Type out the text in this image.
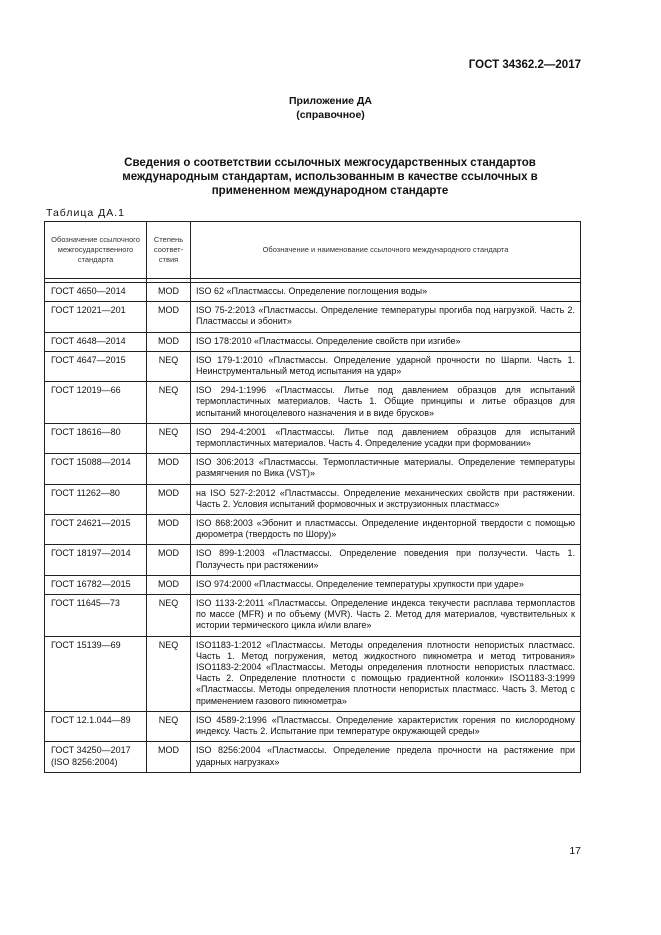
ГОСТ 34362.2—2017
Приложение ДА
(справочное)
Сведения о соответствии ссылочных межгосударственных стандартов международным стандартам, использованным в качестве ссылочных в примененном международном стандарте
Таблица ДА.1
Обозначение ссылочного межгосударственного стандарта	Степень соответ- ствия	Обозначение и наименование ссылочного международного стандарта

ГОСТ 4650—2014	MOD	ISO 62 «Пластмассы. Определение поглощения воды»
ГОСТ 12021—201	MOD	ISO 75-2:2013 «Пластмассы. Определение температуры прогиба под нагрузкой. Часть 2. Пластмассы и эбонит»
ГОСТ 4648—2014	MOD	ISO 178:2010 «Пластмассы. Определение свойств при изгибе»
ГОСТ 4647—2015	NEQ	ISO 179-1:2010 «Пластмассы. Определение ударной прочности по Шарпи. Часть 1. Неинструментальный метод испытания на удар»
ГОСТ 12019—66	NEQ	ISO 294-1:1996 «Пластмассы. Литье под давлением образцов для испытаний термопластичных материалов. Часть 1. Общие принципы и литье образцов для испытаний многоцелевого назначения и в виде брусков»
ГОСТ 18616—80	NEQ	ISO 294-4:2001 «Пластмассы. Литье под давлением образцов для испытаний термопластичных материалов. Часть 4. Определение усадки при формовании»
ГОСТ 15088—2014	MOD	ISO 306:2013 «Пластмассы. Термопластичные материалы. Определение температуры размягчения по Вика (VST)»
ГОСТ 11262—80	MOD	на ISO 527-2:2012 «Пластмассы. Определение механических свойств при растяжении. Часть 2. Условия испытаний формовочных и экструзионных пластмасс»
ГОСТ 24621—2015	MOD	ISO 868:2003 «Эбонит и пластмассы. Определение инденторной твердости с помощью дюрометра (твердость по Шору)»
ГОСТ 18197—2014	MOD	ISO 899-1:2003 «Пластмассы. Определение поведения при ползучести. Часть 1. Ползучесть при растяжении»
ГОСТ 16782—2015	MOD	ISO 974:2000 «Пластмассы. Определение температуры хрупкости при ударе»
ГОСТ 11645—73	NEQ	ISO 1133-2:2011 «Пластмассы. Определение индекса текучести расплава термопластов по массе (MFR) и по объему (MVR). Часть 2. Метод для материалов, чувствительных к истории термического цикла и/или влаге»
ГОСТ 15139—69	NEQ	ISO1183-1:2012 «Пластмассы. Методы определения плотности непористых пластмасс. Часть 1. Метод погружения, метод жидкостного пикнометра и метод титрования» ISO1183-2:2004 «Пластмассы. Методы определения плотности непористых пластмасс. Часть 2. Определение плотности с помощью градиентной колонки» ISO1183-3:1999 «Пластмассы. Методы определения плотности непористых пластмасс. Часть 3. Метод с применением газового пикнометра»
ГОСТ 12.1.044—89	NEQ	ISO 4589-2:1996 «Пластмассы. Определение характеристик горения по кислородному индексу. Часть 2. Испытание при температуре окружающей среды»
ГОСТ 34250—2017 (ISO 8256:2004)	MOD	ISO 8256:2004 «Пластмассы. Определение предела прочности на растяжение при ударных нагрузках»
17
